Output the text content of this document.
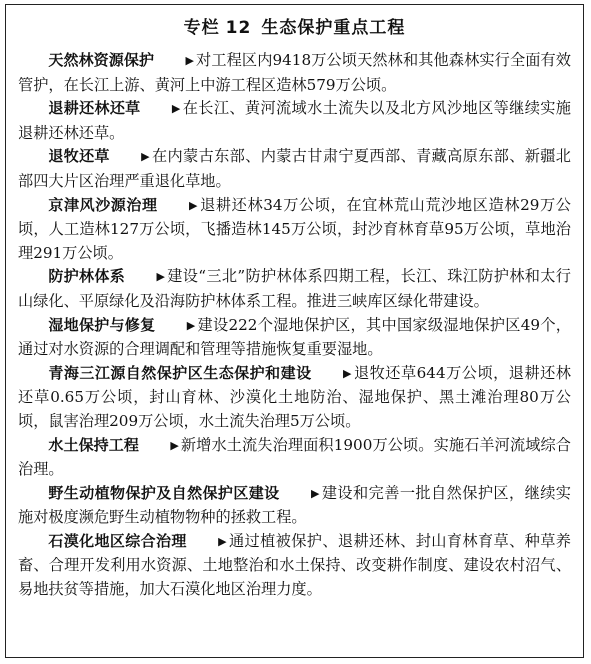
专栏 12 生态保护重点工程

天然林资源保护	▶ 对工程区内9418万公顷天然林和其他森林实行全面有效管护，在长江上游、黄河上中游工程区造林579万公顷。

退耕还林还草	▶ 在长江、黄河流域水土流失以及北方风沙地区等继续实施退耕还林还草。

退牧还草	▶ 在内蒙古东部、内蒙古甘肃宁夏西部、青藏高原东部、新疆北部四大片区治理严重退化草地。

京津风沙源治理	▶ 退耕还林34万公顷，在宜林荒山荒沙地区造林29万公顷，人工造林127万公顷，飞播造林145万公顷，封沙育林育草95万公顷，草地治理291万公顷。

防护林体系	▶ 建设“三北”防护林体系四期工程，长江、珠江防护林和太行山绿化、平原绿化及沿海防护林体系工程。推进三峡库区绿化带建设。

湿地保护与修复	▶ 建设222个湿地保护区，其中国家级湿地保护区49个，通过对水资源的合理调配和管理等措施恢复重要湿地。

青海三江源自然保护区生态保护和建设	▶ 退牧还草644万公顷，退耕还林还草0.65万公顷，封山育林、沙漠化土地防治、湿地保护、黑土滩治理80万公顷，鼠害治理209万公顷，水土流失治理5万公顷。

水土保持工程	▶ 新增水土流失治理面积1900万公顷。实施石羊河流域综合治理。

野生动植物保护及自然保护区建设	▶ 建设和完善一批自然保护区，继续实施对极度濒危野生动植物物种的拯救工程。

石漠化地区综合治理	▶ 通过植被保护、退耕还林、封山育林育草、种草养畜、合理开发利用水资源、土地整治和水土保持、改变耕作制度、建设农村沼气、易地扶贫等措施，加大石漠化地区治理力度。
